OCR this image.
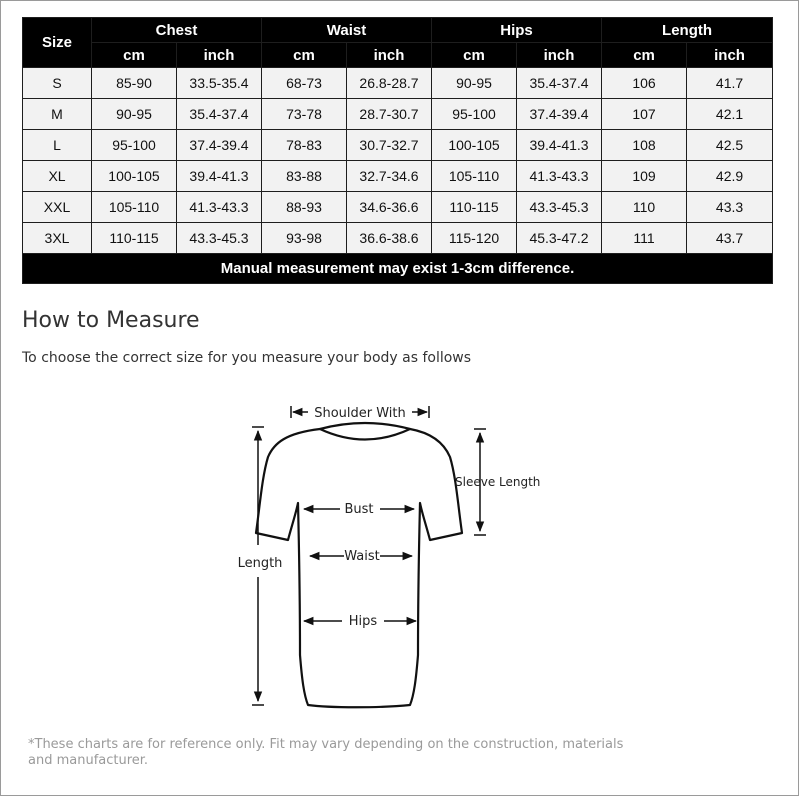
Size	Chest		Waist		Hips		Length	
	cm	inch	cm	inch	cm	inch	cm	inch
S	85-90	33.5-35.4	68-73	26.8-28.7	90-95	35.4-37.4	106	41.7
M	90-95	35.4-37.4	73-78	28.7-30.7	95-100	37.4-39.4	107	42.1
L	95-100	37.4-39.4	78-83	30.7-32.7	100-105	39.4-41.3	108	42.5
XL	100-105	39.4-41.3	83-88	32.7-34.6	105-110	41.3-43.3	109	42.9
XXL	105-110	41.3-43.3	88-93	34.6-36.6	110-115	43.3-45.3	110	43.3
3XL	110-115	43.3-45.3	93-98	36.6-38.6	115-120	45.3-47.2	111	43.7
Manual measurement may exist 1-3cm difference.								
How to Measure

To choose the correct size for you measure your body as follows

Shoulder With
Sleeve Length
Bust
Waist
Hips
Length

*These charts are for reference only. Fit may vary depending on the construction, materials and manufacturer.
